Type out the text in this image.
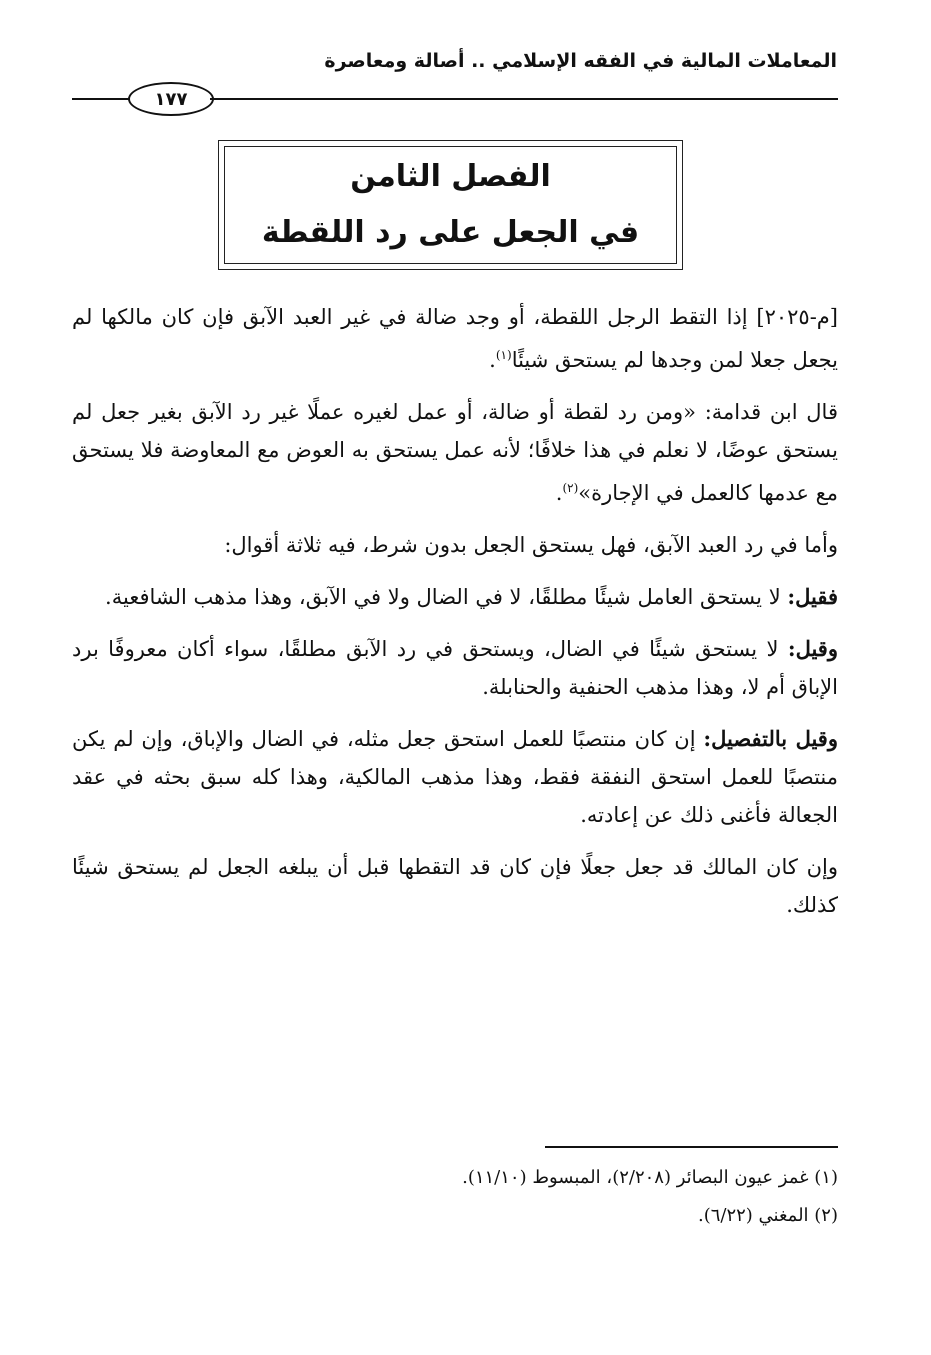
المعاملات المالية في الفقه الإسلامي .. أصالة ومعاصرة
١٧٧
الفصل الثامن
في الجعل على رد اللقطة

[م-٢٠٢٥] إذا التقط الرجل اللقطة، أو وجد ضالة في غير العبد الآبق فإن كان مالكها لم يجعل جعلا لمن وجدها لم يستحق شيئًا$^{(١)}$.

قال ابن قدامة: «ومن رد لقطة أو ضالة، أو عمل لغيره عملًا غير رد الآبق بغير جعل لم يستحق عوضًا، لا نعلم في هذا خلافًا؛ لأنه عمل يستحق به العوض مع المعاوضة فلا يستحق مع عدمها كالعمل في الإجارة»$^{(٢)}$.

وأما في رد العبد الآبق، فهل يستحق الجعل بدون شرط، فيه ثلاثة أقوال:

فقيل: لا يستحق العامل شيئًا مطلقًا، لا في الضال ولا في الآبق، وهذا مذهب الشافعية.

وقيل: لا يستحق شيئًا في الضال، ويستحق في رد الآبق مطلقًا، سواء أكان معروفًا برد الإباق أم لا، وهذا مذهب الحنفية والحنابلة.

وقيل بالتفصيل: إن كان منتصبًا للعمل استحق جعل مثله، في الضال والإباق، وإن لم يكن منتصبًا للعمل استحق النفقة فقط، وهذا مذهب المالكية، وهذا كله سبق بحثه في عقد الجعالة فأغنى ذلك عن إعادته.

وإن كان المالك قد جعل جعلًا فإن كان قد التقطها قبل أن يبلغه الجعل لم يستحق شيئًا كذلك.

(١) غمز عيون البصائر (٢/٢٠٨)، المبسوط (١١/١٠).
(٢) المغني (٦/٢٢).
